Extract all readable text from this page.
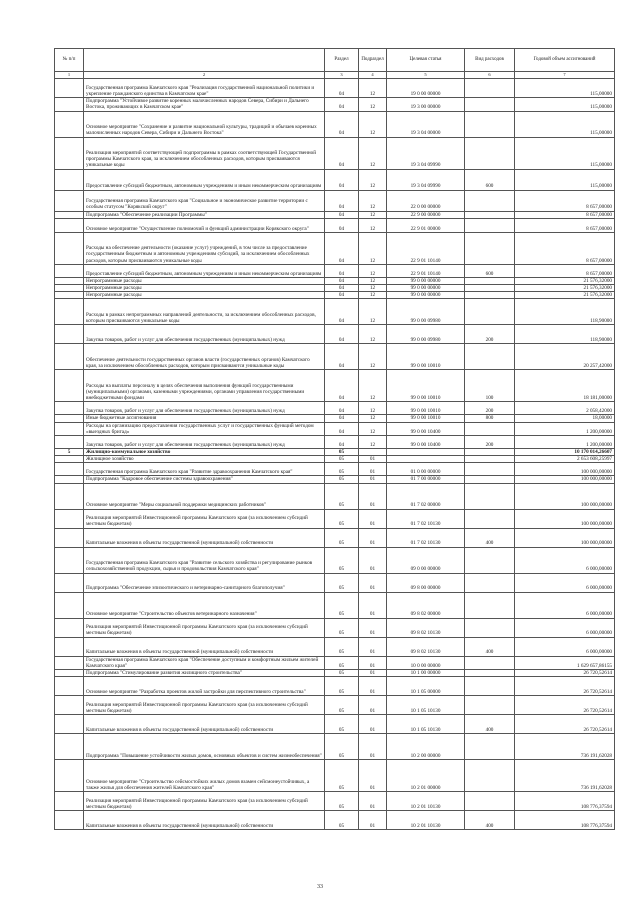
№ п/п		Раздел	Подраздел	Целевая статья	Вид расходов	Годовой объем ассигнований
1	2	3	4	5	6	7
	Государственная программа Камчатского края "Реализация государственной национальной политики и укрепление гражданского единства в Камчатском крае"	04	12	19 0 00 00000		115,00000
	Подпрограмма "Устойчивое развитие коренных малочисленных народов Севера, Сибири и Дальнего Востока, проживающих в Камчатском крае"	04	12	19 3 00 00000		115,00000
	Основное мероприятие "Сохранение и развитие национальной культуры, традиций и обычаев коренных малочисленных народов Севера, Сибири и Дальнего Востока"	04	12	19 3 04 00000		115,00000
	Реализация мероприятий соответствующей подпрограммы в рамках соответствующей Государственной программы Камчатского края, за исключением обособленных расходов, которым присваиваются уникальные коды	04	12	19 3 04 09990		115,00000
	Предоставление субсидий бюджетным, автономным учреждениям и иным некоммерческим организациям	04	12	19 3 04 09990	600	115,00000
	Государственная программа Камчатского края "Социальное и экономическое развитие территории с особым статусом "Корякский округ"	04	12	22 0 00 00000		8 657,00000
	Подпрограмма "Обеспечение реализации Программы"	04	12	22 9 00 00000		8 657,00000
	Основное мероприятие "Осуществление полномочий и функций администрации Корякского округа"	04	12	22 9 01 00000		8 657,00000
	Расходы на обеспечение деятельности (оказание услуг) учреждений, в том числе за предоставление государственным бюджетным и автономным учреждениям субсидий, за исключением обособленных расходов, которым присваиваются уникальные коды	04	12	22 9 01 10140		8 657,00000
	Предоставление субсидий бюджетным, автономным учреждениям и иным некоммерческим организациям	04	12	22 9 01 10140	600	8 657,00000
	Непрограммные расходы	04	12	99 0 00 00000		21 576,32000
	Непрограммные расходы	04	12	99 0 00 00000		21 576,32000
	Непрограммные расходы	04	12	99 0 00 00000		21 576,32000
	Расходы в рамках непрограммных направлений деятельности, за исключением обособленных расходов, которым присваиваются уникальные коды	04	12	99 0 00 09980		118,90000
	Закупка товаров, работ и услуг для обеспечения государственных (муниципальных) нужд	04	12	99 0 00 09980	200	118,90000
	Обеспечение деятельности государственных органов власти (государственных органов) Камчатского края, за исключением обособленных расходов, которым присваиваются уникальные коды	04	12	99 0 00 10010		20 257,42000
	Расходы на выплаты персоналу в целях обеспечения выполнения функций государственными (муниципальными) органами, казенными учреждениями, органами управления государственными внебюджетными фондами	04	12	99 0 00 10010	100	18 181,00000
	Закупка товаров, работ и услуг для обеспечения государственных (муниципальных) нужд	04	12	99 0 00 10010	200	2 058,42000
	Иные бюджетные ассигнования	04	12	99 0 00 10010	800	18,00000
	Расходы на организацию предоставления государственных услуг и государственных функций методом «выездных бригад»	04	12	99 0 00 10400		1 200,00000
	Закупка товаров, работ и услуг для обеспечения государственных (муниципальных) нужд	04	12	99 0 00 10400	200	1 200,00000
5	Жилищно-коммунальное хозяйство	05				10 170 014,26607
	Жилищное хозяйство	05	01			2 653 608,25997
	Государственная программа Камчатского края "Развитие здравоохранения Камчатского края"	05	01	01 0 00 00000		100 000,00000
	Подпрограмма "Кадровое обеспечение системы здравоохранения"	05	01	01 7 00 00000		100 000,00000
	Основное мероприятие "Меры социальной поддержки медицинских работников"	05	01	01 7 02 00000		100 000,00000
	Реализация мероприятий Инвестиционной программы Камчатского края (за исключением субсидий местным бюджетам)	05	01	01 7 02 10130		100 000,00000
	Капитальные вложения в объекты государственной (муниципальной) собственности	05	01	01 7 02 10130	400	100 000,00000
	Государственная программа Камчатского края "Развитие сельского хозяйства и регулирование рынков сельскохозяйственной продукции, сырья и продовольствия Камчатского края"	05	01	09 0 00 00000		6 000,00000
	Подпрограмма "Обеспечение эпизоотического и ветеринарно-санитарного благополучия"	05	01	09 8 00 00000		6 000,00000
	Основное мероприятие "Строительство объектов ветеринарного назначения"	05	01	09 8 02 00000		6 000,00000
	Реализация мероприятий Инвестиционной программы Камчатского края (за исключением субсидий местным бюджетам)	05	01	09 8 02 10130		6 000,00000
	Капитальные вложения в объекты государственной (муниципальной) собственности	05	01	09 8 02 10130	400	6 000,00000
	Государственная программа Камчатского края "Обеспечение доступным и комфортным жильем жителей Камчатского края"	05	01	10 0 00 00000		1 629 657,86155
	Подпрограмма "Стимулирование развития жилищного строительства"	05	01	10 1 00 00000		26 720,52614
	Основное мероприятие "Разработка проектов жилой застройки для перспективного строительства"	05	01	10 1 05 00000		26 720,52614
	Реализация мероприятий Инвестиционной программы Камчатского края (за исключением субсидий местным бюджетам)	05	01	10 1 05 10130		26 720,52614
	Капитальные вложения в объекты государственной (муниципальной) собственности	05	01	10 1 05 10130	400	26 720,52614
	Подпрограмма "Повышение устойчивости жилых домов, основных объектов и систем жизнеобеспечения"	05	01	10 2 00 00000		736 191,62028
	Основное мероприятие "Строительство сейсмостойких жилых домов взамен сейсмонеустойчивых, а также жилья для обеспечения жителей Камчатского края"	05	01	10 2 01 00000		736 191,62028
	Реализация мероприятий Инвестиционной программы Камчатского края (за исключением субсидий местным бюджетам)	05	01	10 2 01 10130		108 776,37594
	Капитальные вложения в объекты государственной (муниципальной) собственности	05	01	10 2 01 10130	400	108 776,37594
33
